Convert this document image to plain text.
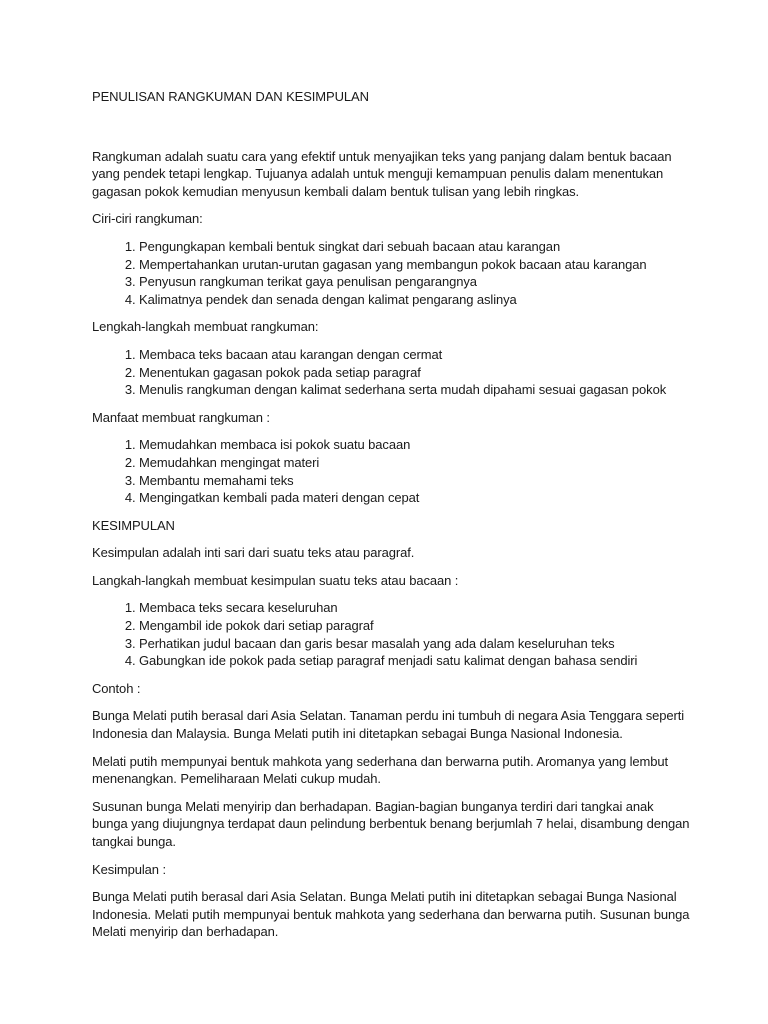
PENULISAN RANGKUMAN DAN KESIMPULAN

Rangkuman adalah suatu cara yang efektif untuk menyajikan teks yang panjang dalam bentuk bacaan yang pendek tetapi lengkap. Tujuanya adalah untuk menguji kemampuan penulis dalam menentukan gagasan pokok kemudian menyusun kembali dalam bentuk tulisan yang lebih ringkas.

Ciri-ciri rangkuman:

1. Pengungkapan kembali bentuk singkat dari sebuah bacaan atau karangan
2. Mempertahankan urutan-urutan gagasan yang membangun pokok bacaan atau karangan
3. Penyusun rangkuman terikat gaya penulisan pengarangnya
4. Kalimatnya pendek dan senada dengan kalimat pengarang aslinya

Lengkah-langkah membuat rangkuman:

1. Membaca teks bacaan atau karangan dengan cermat
2. Menentukan gagasan pokok pada setiap paragraf
3. Menulis rangkuman dengan kalimat sederhana serta mudah dipahami sesuai gagasan pokok

Manfaat membuat rangkuman :

1. Memudahkan membaca isi pokok suatu bacaan
2. Memudahkan mengingat materi
3. Membantu memahami teks
4. Mengingatkan kembali pada materi dengan cepat

KESIMPULAN

Kesimpulan adalah inti sari dari suatu teks atau paragraf.

Langkah-langkah membuat kesimpulan suatu teks atau bacaan :

1. Membaca teks secara keseluruhan
2. Mengambil ide pokok dari setiap paragraf
3. Perhatikan judul bacaan dan garis besar masalah yang ada dalam keseluruhan teks
4. Gabungkan ide pokok pada setiap paragraf menjadi satu kalimat dengan bahasa sendiri

Contoh :

Bunga Melati putih berasal dari Asia Selatan. Tanaman perdu ini tumbuh di negara Asia Tenggara seperti Indonesia dan Malaysia. Bunga Melati putih ini ditetapkan sebagai Bunga Nasional Indonesia.

Melati putih mempunyai bentuk mahkota yang sederhana dan berwarna putih. Aromanya yang lembut menenangkan. Pemeliharaan Melati cukup mudah.

Susunan bunga Melati menyirip dan berhadapan. Bagian-bagian bunganya terdiri dari tangkai anak bunga yang diujungnya terdapat daun pelindung berbentuk benang berjumlah 7 helai, disambung dengan tangkai bunga.

Kesimpulan :

Bunga Melati putih berasal dari Asia Selatan. Bunga Melati putih ini ditetapkan sebagai Bunga Nasional Indonesia. Melati putih mempunyai bentuk mahkota yang sederhana dan berwarna putih. Susunan bunga Melati menyirip dan berhadapan.
